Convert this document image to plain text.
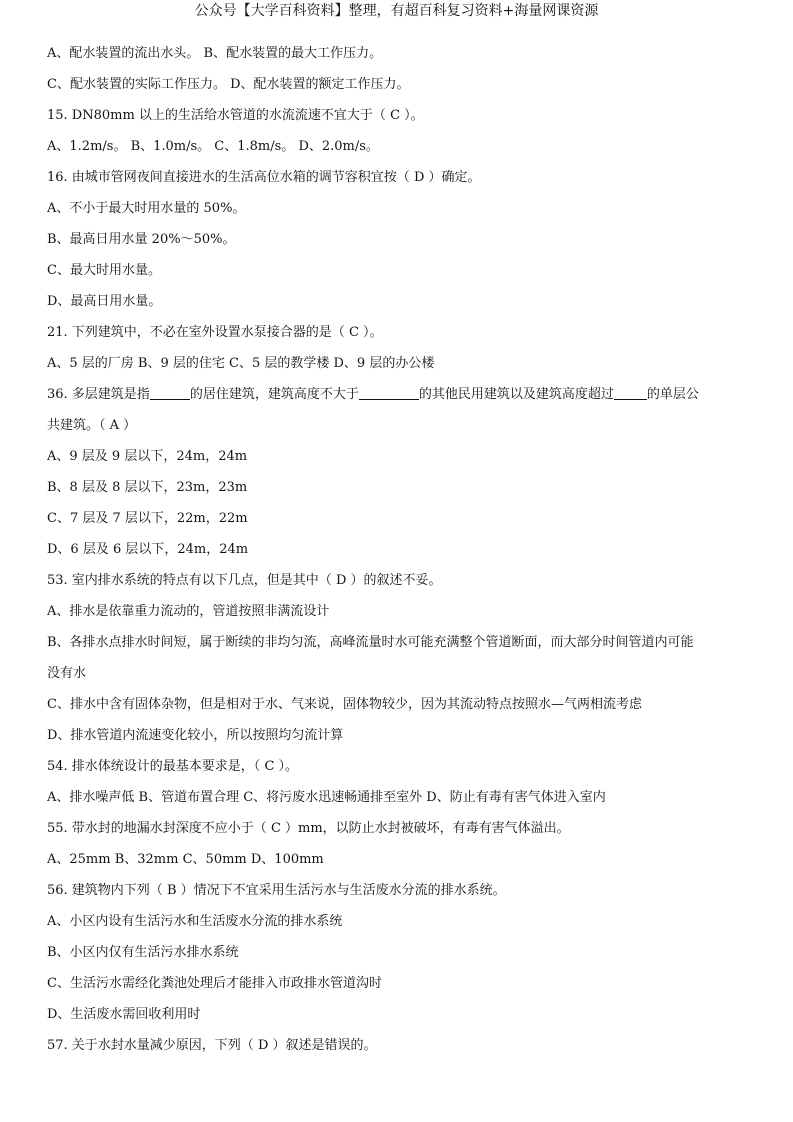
公众号【大学百科资料】整理，有超百科复习资料+海量网课资源
A、配水装置的流出水头。 B、配水装置的最大工作压力。
C、配水装置的实际工作压力。 D、配水装置的额定工作压力。
15. DN80mm 以上的生活给水管道的水流流速不宜大于（ C ）。
A、1.2m/s。 B、1.0m/s。 C、1.8m/s。 D、2.0m/s。
16. 由城市管网夜间直接进水的生活高位水箱的调节容积宜按（ D ）确定。
A、不小于最大时用水量的 50%。
B、最高日用水量 20%～50%。
C、最大时用水量。
D、最高日用水量。
21. 下列建筑中，不必在室外设置水泵接合器的是（ C ）。
A、5 层的厂房 B、9 层的住宅 C、5 层的教学楼 D、9 层的办公楼
36. 多层建筑是指	的居住建筑，建筑高度不大于	的其他民用建筑以及建筑高度超过	的单层公
共建筑。（ A ）
A、9 层及 9 层以下，24m，24m
B、8 层及 8 层以下，23m，23m
C、7 层及 7 层以下，22m，22m
D、6 层及 6 层以下，24m，24m
53. 室内排水系统的特点有以下几点，但是其中（ D ）的叙述不妥。
A、排水是依靠重力流动的，管道按照非满流设计
B、各排水点排水时间短，属于断续的非均匀流，高峰流量时水可能充满整个管道断面，而大部分时间管道内可能
没有水
C、排水中含有固体杂物，但是相对于水、气来说，固体物较少，因为其流动特点按照水—气两相流考虑
D、排水管道内流速变化较小，所以按照均匀流计算
54. 排水体统设计的最基本要求是，（ C ）。
A、排水噪声低 B、管道布置合理 C、将污废水迅速畅通排至室外 D、防止有毒有害气体进入室内
55. 带水封的地漏水封深度不应小于（ C ）mm，以防止水封被破坏，有毒有害气体溢出。
A、25mm B、32mm C、50mm D、100mm
56. 建筑物内下列（ B ）情况下不宜采用生活污水与生活废水分流的排水系统。
A、小区内设有生活污水和生活废水分流的排水系统
B、小区内仅有生活污水排水系统
C、生活污水需经化粪池处理后才能排入市政排水管道沟时
D、生活废水需回收利用时
57. 关于水封水量减少原因，下列（ D ）叙述是错误的。
